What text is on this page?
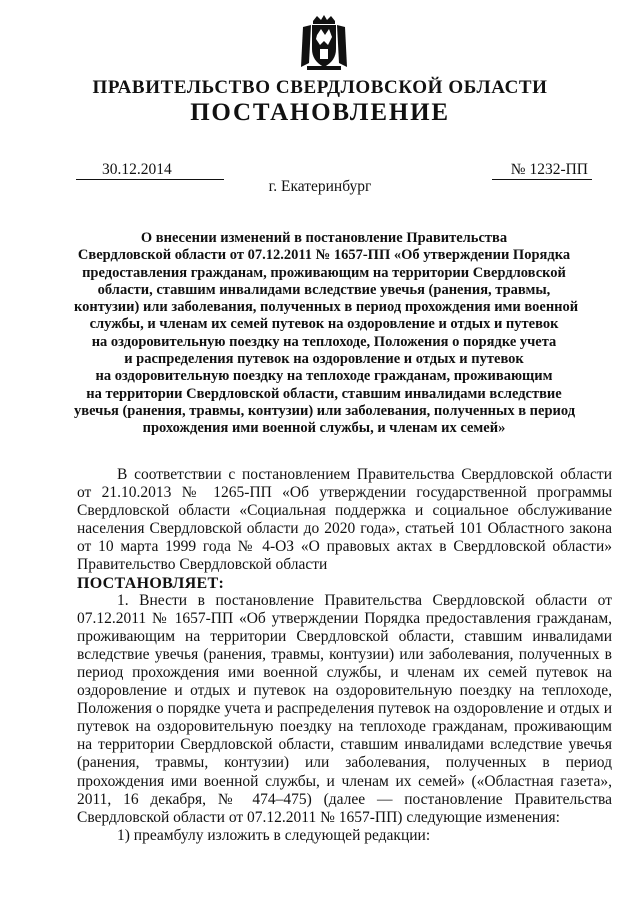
ПРАВИТЕЛЬСТВО СВЕРДЛОВСКОЙ ОБЛАСТИ
ПОСТАНОВЛЕНИЕ
30.12.2014	№ 1232-ПП
г. Екатеринбург
О внесении изменений в постановление Правительства
Свердловской области от 07.12.2011 № 1657-ПП «Об утверждении Порядка
предоставления гражданам, проживающим на территории Свердловской
области, ставшим инвалидами вследствие увечья (ранения, травмы,
контузии) или заболевания, полученных в период прохождения ими военной
службы, и членам их семей путевок на оздоровление и отдых и путевок
на оздоровительную поездку на теплоходе, Положения о порядке учета
и распределения путевок на оздоровление и отдых и путевок
на оздоровительную поездку на теплоходе гражданам, проживающим
на территории Свердловской области, ставшим инвалидами вследствие
увечья (ранения, травмы, контузии) или заболевания, полученных в период
прохождения ими военной службы, и членам их семей»

В соответствии с постановлением Правительства Свердловской области от 21.10.2013 № 1265-ПП «Об утверждении государственной программы Свердловской области «Социальная поддержка и социальное обслуживание населения Свердловской области до 2020 года», статьей 101 Областного закона от 10 марта 1999 года № 4-ОЗ «О правовых актах в Свердловской области» Правительство Свердловской области

ПОСТАНОВЛЯЕТ:

1. Внести в постановление Правительства Свердловской области от 07.12.2011 № 1657-ПП «Об утверждении Порядка предоставления гражданам, проживающим на территории Свердловской области, ставшим инвалидами вследствие увечья (ранения, травмы, контузии) или заболевания, полученных в период прохождения ими военной службы, и членам их семей путевок на оздоровление и отдых и путевок на оздоровительную поездку на теплоходе, Положения о порядке учета и распределения путевок на оздоровление и отдых и путевок на оздоровительную поездку на теплоходе гражданам, проживающим на территории Свердловской области, ставшим инвалидами вследствие увечья (ранения, травмы, контузии) или заболевания, полученных в период прохождения ими военной службы, и членам их семей» («Областная газета», 2011, 16 декабря, № 474–475) (далее — постановление Правительства Свердловской области от 07.12.2011 № 1657-ПП) следующие изменения:

1) преамбулу изложить в следующей редакции:
